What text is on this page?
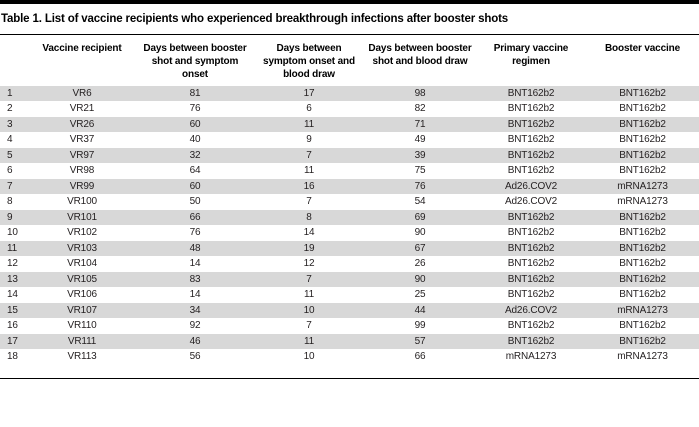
Table 1. List of vaccine recipients who experienced breakthrough infections after booster shots
	Vaccine recipient	Days between booster shot and symptom onset	Days between symptom onset and blood draw	Days between booster shot and blood draw	Primary vaccine regimen	Booster vaccine
1	VR6	81	17	98	BNT162b2	BNT162b2
2	VR21	76	6	82	BNT162b2	BNT162b2
3	VR26	60	11	71	BNT162b2	BNT162b2
4	VR37	40	9	49	BNT162b2	BNT162b2
5	VR97	32	7	39	BNT162b2	BNT162b2
6	VR98	64	11	75	BNT162b2	BNT162b2
7	VR99	60	16	76	Ad26.COV2	mRNA1273
8	VR100	50	7	54	Ad26.COV2	mRNA1273
9	VR101	66	8	69	BNT162b2	BNT162b2
10	VR102	76	14	90	BNT162b2	BNT162b2
11	VR103	48	19	67	BNT162b2	BNT162b2
12	VR104	14	12	26	BNT162b2	BNT162b2
13	VR105	83	7	90	BNT162b2	BNT162b2
14	VR106	14	11	25	BNT162b2	BNT162b2
15	VR107	34	10	44	Ad26.COV2	mRNA1273
16	VR110	92	7	99	BNT162b2	BNT162b2
17	VR111	46	11	57	BNT162b2	BNT162b2
18	VR113	56	10	66	mRNA1273	mRNA1273
